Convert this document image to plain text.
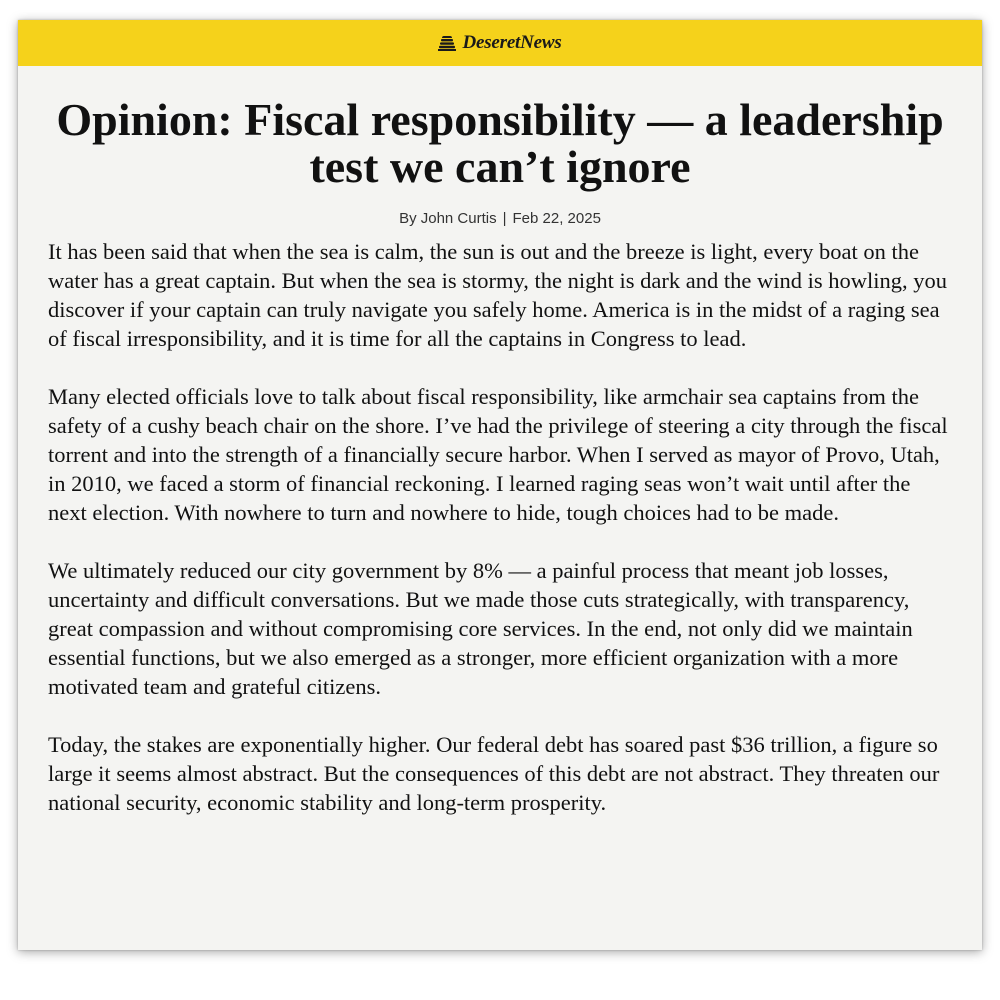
DeseretNews
Opinion: Fiscal responsibility — a leadership test we can’t ignore
By John Curtis | Feb 22, 2025

It has been said that when the sea is calm, the sun is out and the breeze is light, every boat on the water has a great captain. But when the sea is stormy, the night is dark and the wind is howling, you discover if your captain can truly navigate you safely home. America is in the midst of a raging sea of fiscal irresponsibility, and it is time for all the captains in Congress to lead.

Many elected officials love to talk about fiscal responsibility, like armchair sea captains from the safety of a cushy beach chair on the shore. I’ve had the privilege of steering a city through the fiscal torrent and into the strength of a financially secure harbor. When I served as mayor of Provo, Utah, in 2010, we faced a storm of financial reckoning. I learned raging seas won’t wait until after the next election. With nowhere to turn and nowhere to hide, tough choices had to be made.

We ultimately reduced our city government by 8% — a painful process that meant job losses, uncertainty and difficult conversations. But we made those cuts strategically, with transparency, great compassion and without compromising core services. In the end, not only did we maintain essential functions, but we also emerged as a stronger, more efficient organization with a more motivated team and grateful citizens.

Today, the stakes are exponentially higher. Our federal debt has soared past $36 trillion, a figure so large it seems almost abstract. But the consequences of this debt are not abstract. They threaten our national security, economic stability and long-term prosperity.
